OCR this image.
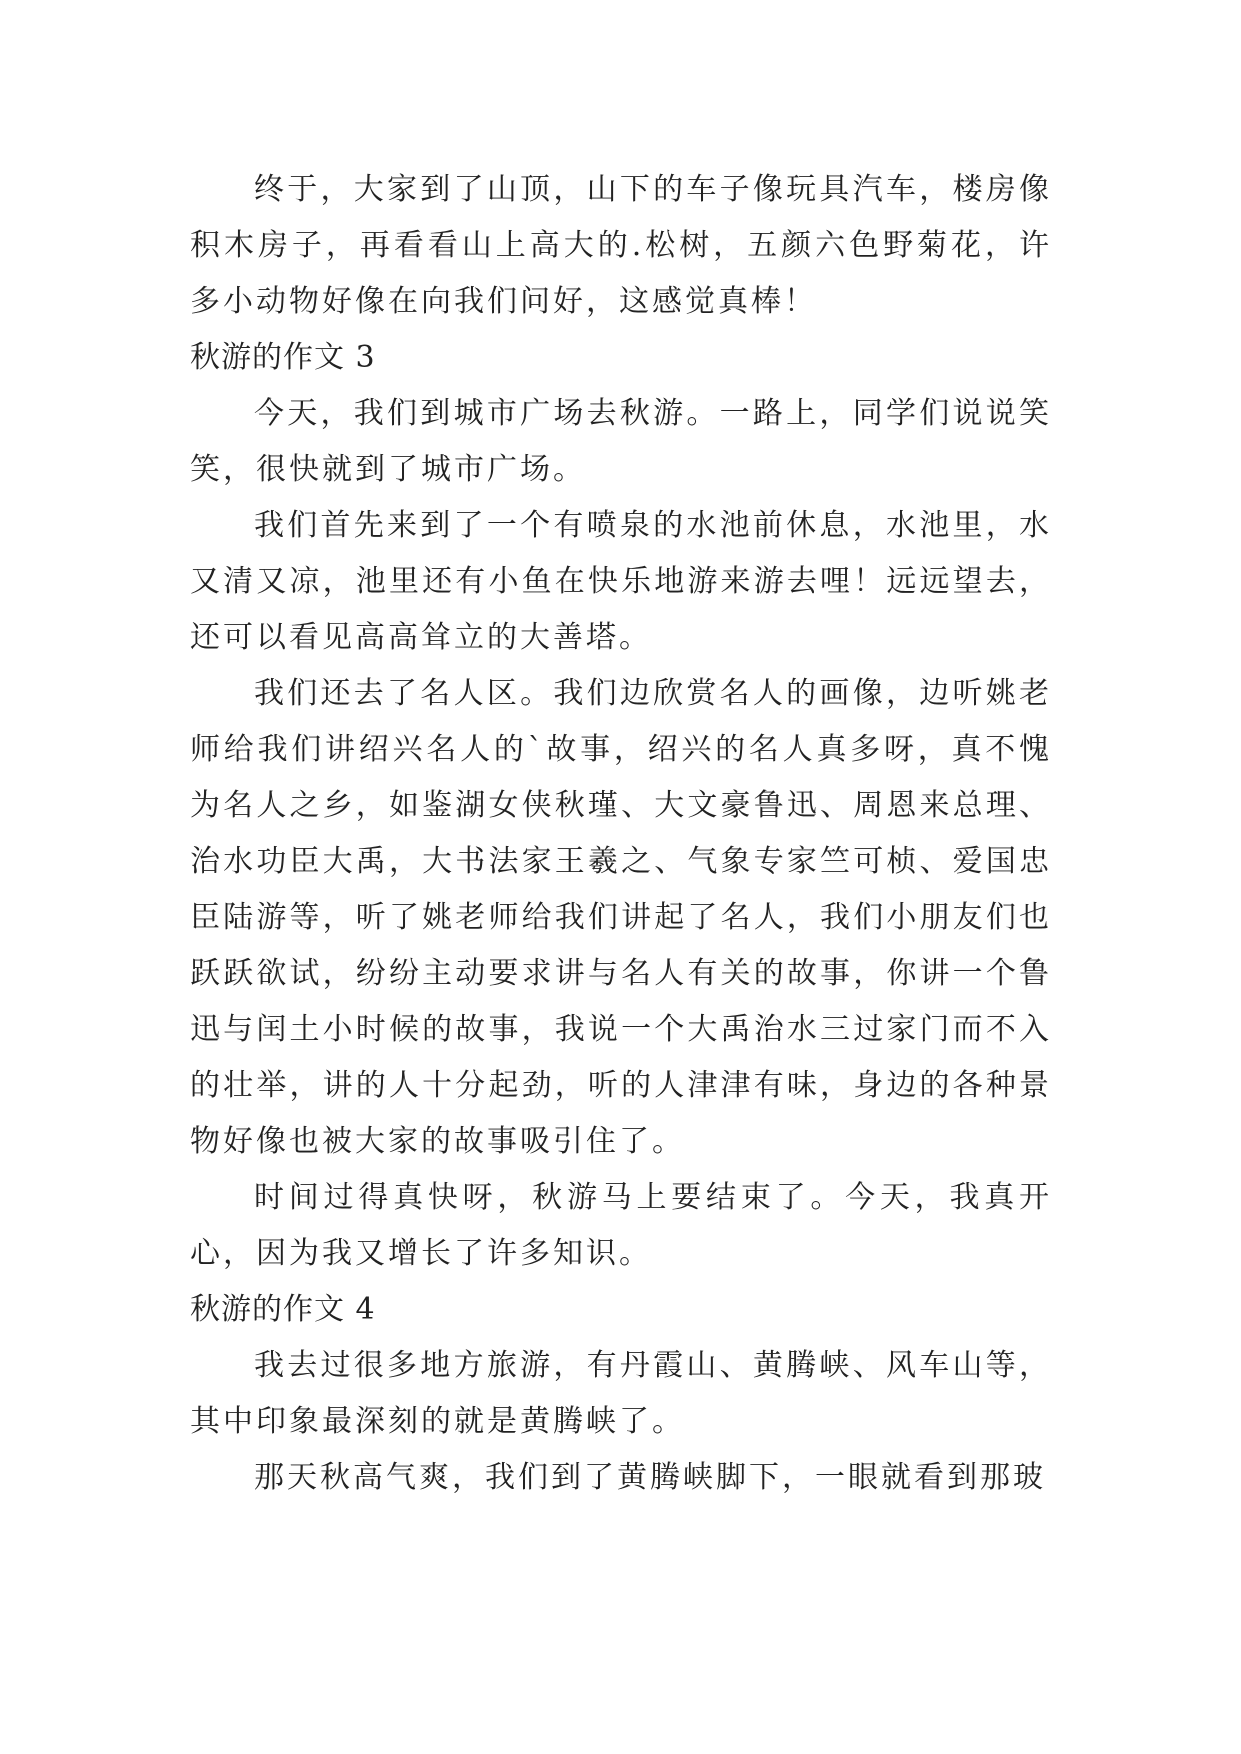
终于，大家到了山顶，山下的车子像玩具汽车，楼房像积木房子，再看看山上高大的.松树，五颜六色野菊花，许多小动物好像在向我们问好，这感觉真棒！

秋游的作文 3

今天，我们到城市广场去秋游。一路上，同学们说说笑笑，很快就到了城市广场。

我们首先来到了一个有喷泉的水池前休息，水池里，水又清又凉，池里还有小鱼在快乐地游来游去哩！远远望去，还可以看见高高耸立的大善塔。

我们还去了名人区。我们边欣赏名人的画像，边听姚老师给我们讲绍兴名人的`故事，绍兴的名人真多呀，真不愧为名人之乡，如鉴湖女侠秋瑾、大文豪鲁迅、周恩来总理、治水功臣大禹，大书法家王羲之、气象专家竺可桢、爱国忠臣陆游等，听了姚老师给我们讲起了名人，我们小朋友们也跃跃欲试，纷纷主动要求讲与名人有关的故事，你讲一个鲁迅与闰土小时候的故事，我说一个大禹治水三过家门而不入的壮举，讲的人十分起劲，听的人津津有味，身边的各种景物好像也被大家的故事吸引住了。

时间过得真快呀，秋游马上要结束了。今天，我真开心，因为我又增长了许多知识。

秋游的作文 4

我去过很多地方旅游，有丹霞山、黄腾峡、风车山等，其中印象最深刻的就是黄腾峡了。

那天秋高气爽，我们到了黄腾峡脚下，一眼就看到那玻
